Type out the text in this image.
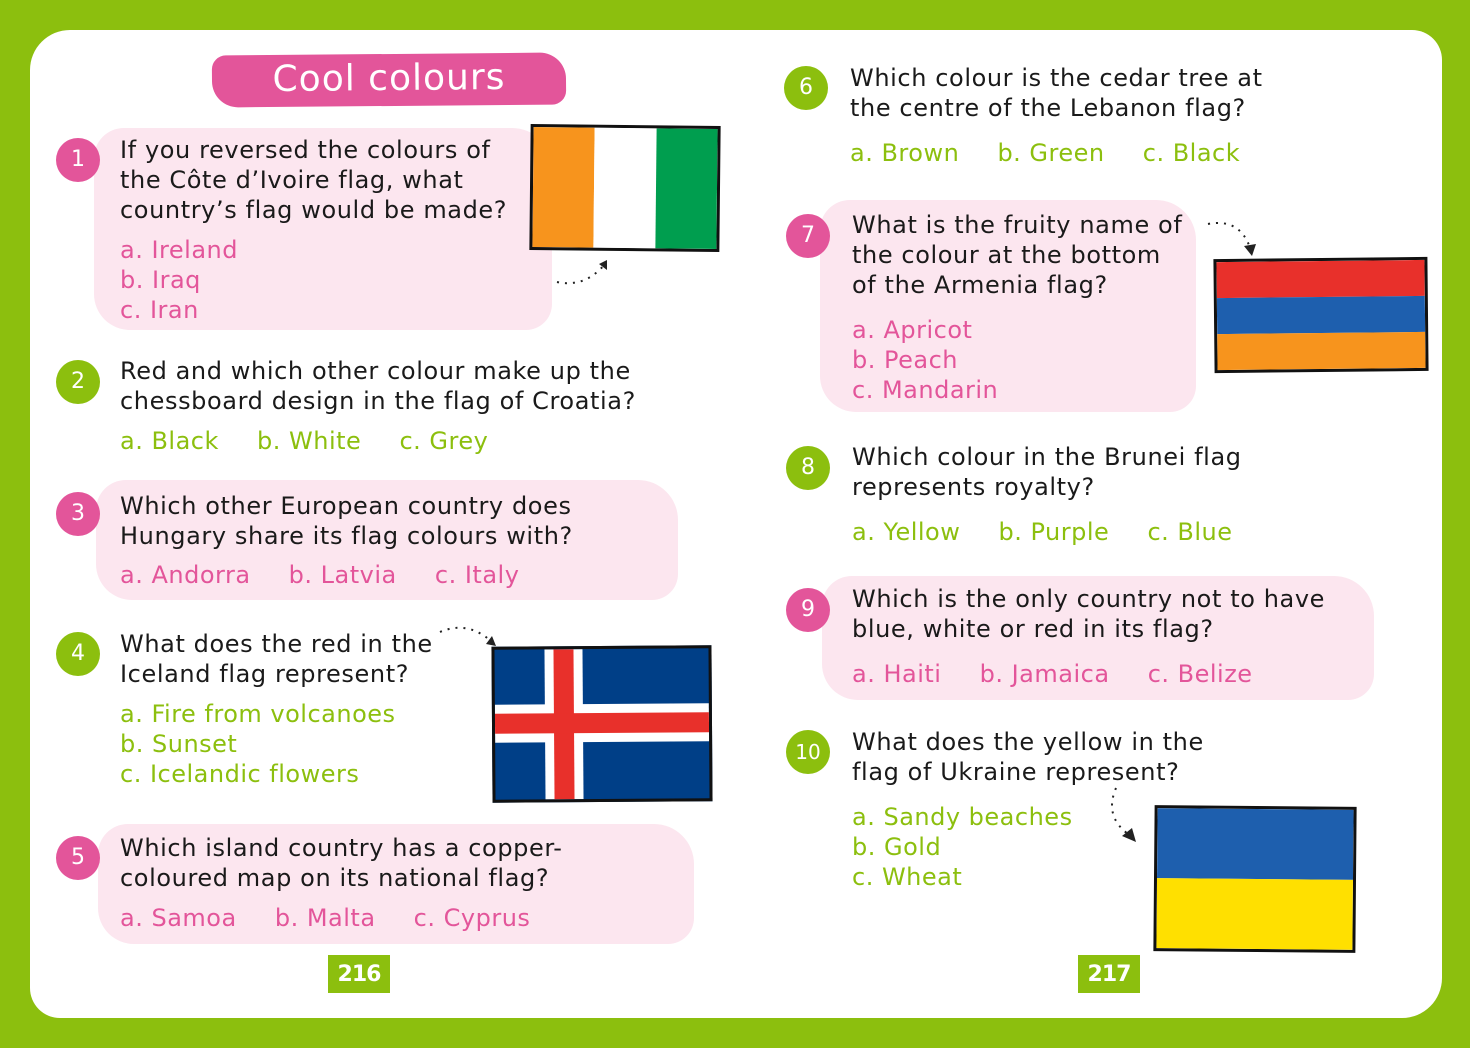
Cool colours
1	If you reversed the colours of
the Côte d’Ivoire flag, what
country’s flag would be made?
a. Ireland
b. Iraq
c. Iran
2	Red and which other colour make up the
chessboard design in the flag of Croatia?
a. Black b. White c. Grey
3	Which other European country does
Hungary share its flag colours with?
a. Andorra b. Latvia c. Italy
4	What does the red in the
Iceland flag represent?
a. Fire from volcanoes
b. Sunset
c. Icelandic flowers
5	Which island country has a copper-
coloured map on its national flag?
a. Samoa b. Malta c. Cyprus
216
6	Which colour is the cedar tree at
the centre of the Lebanon flag?
a. Brown b. Green c. Black
7	What is the fruity name of
the colour at the bottom
of the Armenia flag?
a. Apricot
b. Peach
c. Mandarin
8	Which colour in the Brunei flag
represents royalty?
a. Yellow b. Purple c. Blue
9	Which is the only country not to have
blue, white or red in its flag?
a. Haiti b. Jamaica c. Belize
10	What does the yellow in the
flag of Ukraine represent?
a. Sandy beaches
b. Gold
c. Wheat
217
